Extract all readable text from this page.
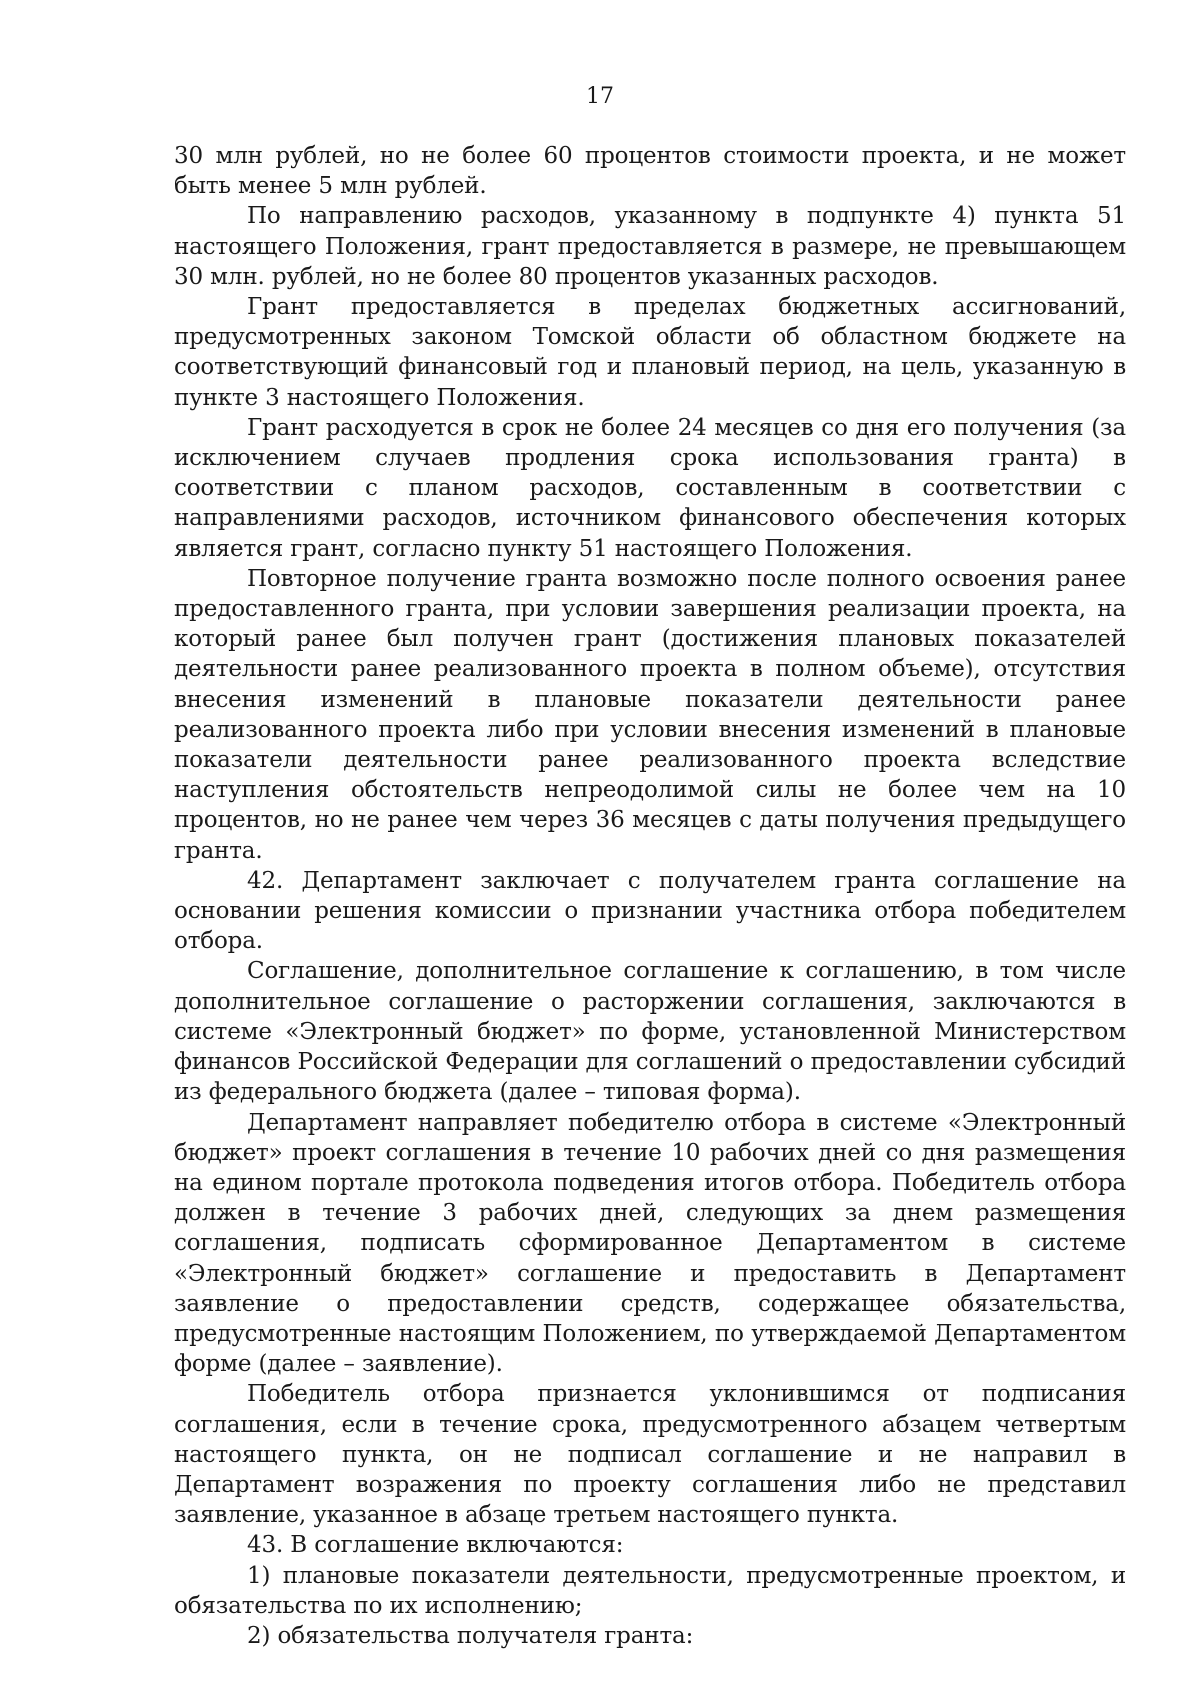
17

30 млн рублей, но не более 60 процентов стоимости проекта, и не может быть менее 5 млн рублей.

По направлению расходов, указанному в подпункте 4) пункта 51 настоящего Положения, грант предоставляется в размере, не превышающем 30 млн. рублей, но не более 80 процентов указанных расходов.

Грант предоставляется в пределах бюджетных ассигнований, предусмотренных законом Томской области об областном бюджете на соответствующий финансовый год и плановый период, на цель, указанную в пункте 3 настоящего Положения.

Грант расходуется в срок не более 24 месяцев со дня его получения (за исключением случаев продления срока использования гранта) в соответствии с планом расходов, составленным в соответствии с направлениями расходов, источником финансового обеспечения которых является грант, согласно пункту 51 настоящего Положения.

Повторное получение гранта возможно после полного освоения ранее предоставленного гранта, при условии завершения реализации проекта, на который ранее был получен грант (достижения плановых показателей деятельности ранее реализованного проекта в полном объеме), отсутствия внесения изменений в плановые показатели деятельности ранее реализованного проекта либо при условии внесения изменений в плановые показатели деятельности ранее реализованного проекта вследствие наступления обстоятельств непреодолимой силы не более чем на 10 процентов, но не ранее чем через 36 месяцев с даты получения предыдущего гранта.

42. Департамент заключает с получателем гранта соглашение на основании решения комиссии о признании участника отбора победителем отбора.

Соглашение, дополнительное соглашение к соглашению, в том числе дополнительное соглашение о расторжении соглашения, заключаются в системе «Электронный бюджет» по форме, установленной Министерством финансов Российской Федерации для соглашений о предоставлении субсидий из федерального бюджета (далее – типовая форма).

Департамент направляет победителю отбора в системе «Электронный бюджет» проект соглашения в течение 10 рабочих дней со дня размещения на едином портале протокола подведения итогов отбора. Победитель отбора должен в течение 3 рабочих дней, следующих за днем размещения соглашения, подписать сформированное Департаментом в системе «Электронный бюджет» соглашение и предоставить в Департамент заявление о предоставлении средств, содержащее обязательства, предусмотренные настоящим Положением, по утверждаемой Департаментом форме (далее – заявление).

Победитель отбора признается уклонившимся от подписания соглашения, если в течение срока, предусмотренного абзацем четвертым настоящего пункта, он не подписал соглашение и не направил в Департамент возражения по проекту соглашения либо не представил заявление, указанное в абзаце третьем настоящего пункта.

43. В соглашение включаются:

1) плановые показатели деятельности, предусмотренные проектом, и обязательства по их исполнению;

2) обязательства получателя гранта:
